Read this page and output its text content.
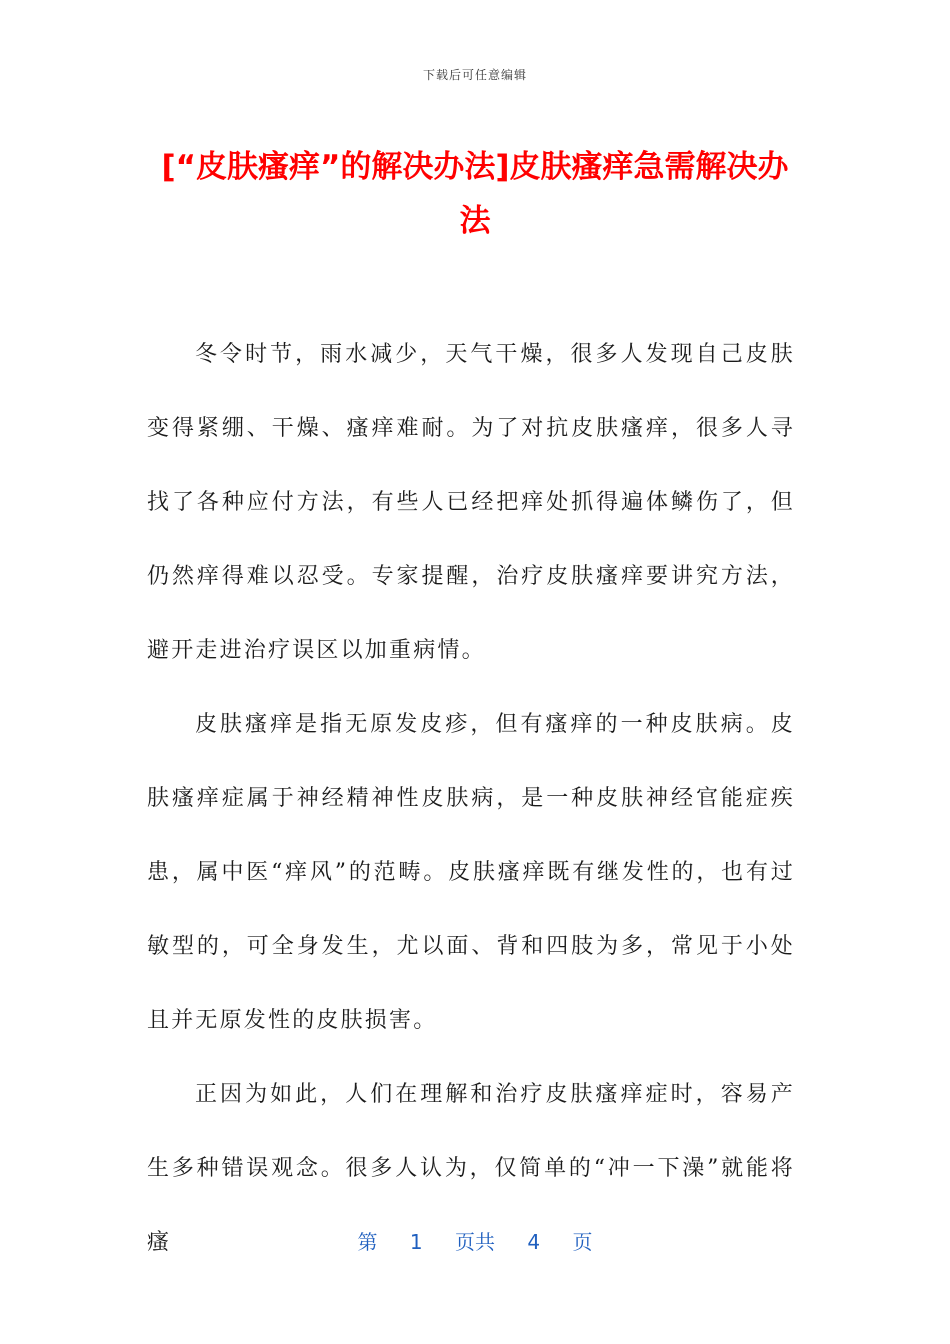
下载后可任意编辑
[“皮肤瘙痒”的解决办法]皮肤瘙痒急需解决办法

冬令时节，雨水减少，天气干燥，很多人发现自己皮肤变得紧绷、干燥、瘙痒难耐。为了对抗皮肤瘙痒，很多人寻找了各种应付方法，有些人已经把痒处抓得遍体鳞伤了，但仍然痒得难以忍受。专家提醒，治疗皮肤瘙痒要讲究方法，避开走进治疗误区以加重病情。

皮肤瘙痒是指无原发皮疹，但有瘙痒的一种皮肤病。皮肤瘙痒症属于神经精神性皮肤病，是一种皮肤神经官能症疾患，属中医“痒风”的范畴。皮肤瘙痒既有继发性的，也有过敏型的，可全身发生，尤以面、背和四肢为多，常见于小处且并无原发性的皮肤损害。

正因为如此，人们在理解和治疗皮肤瘙痒症时，容易产生多种错误观念。很多人认为，仅简单的“冲一下澡”就能将瘙	第 1 页共 4 页
